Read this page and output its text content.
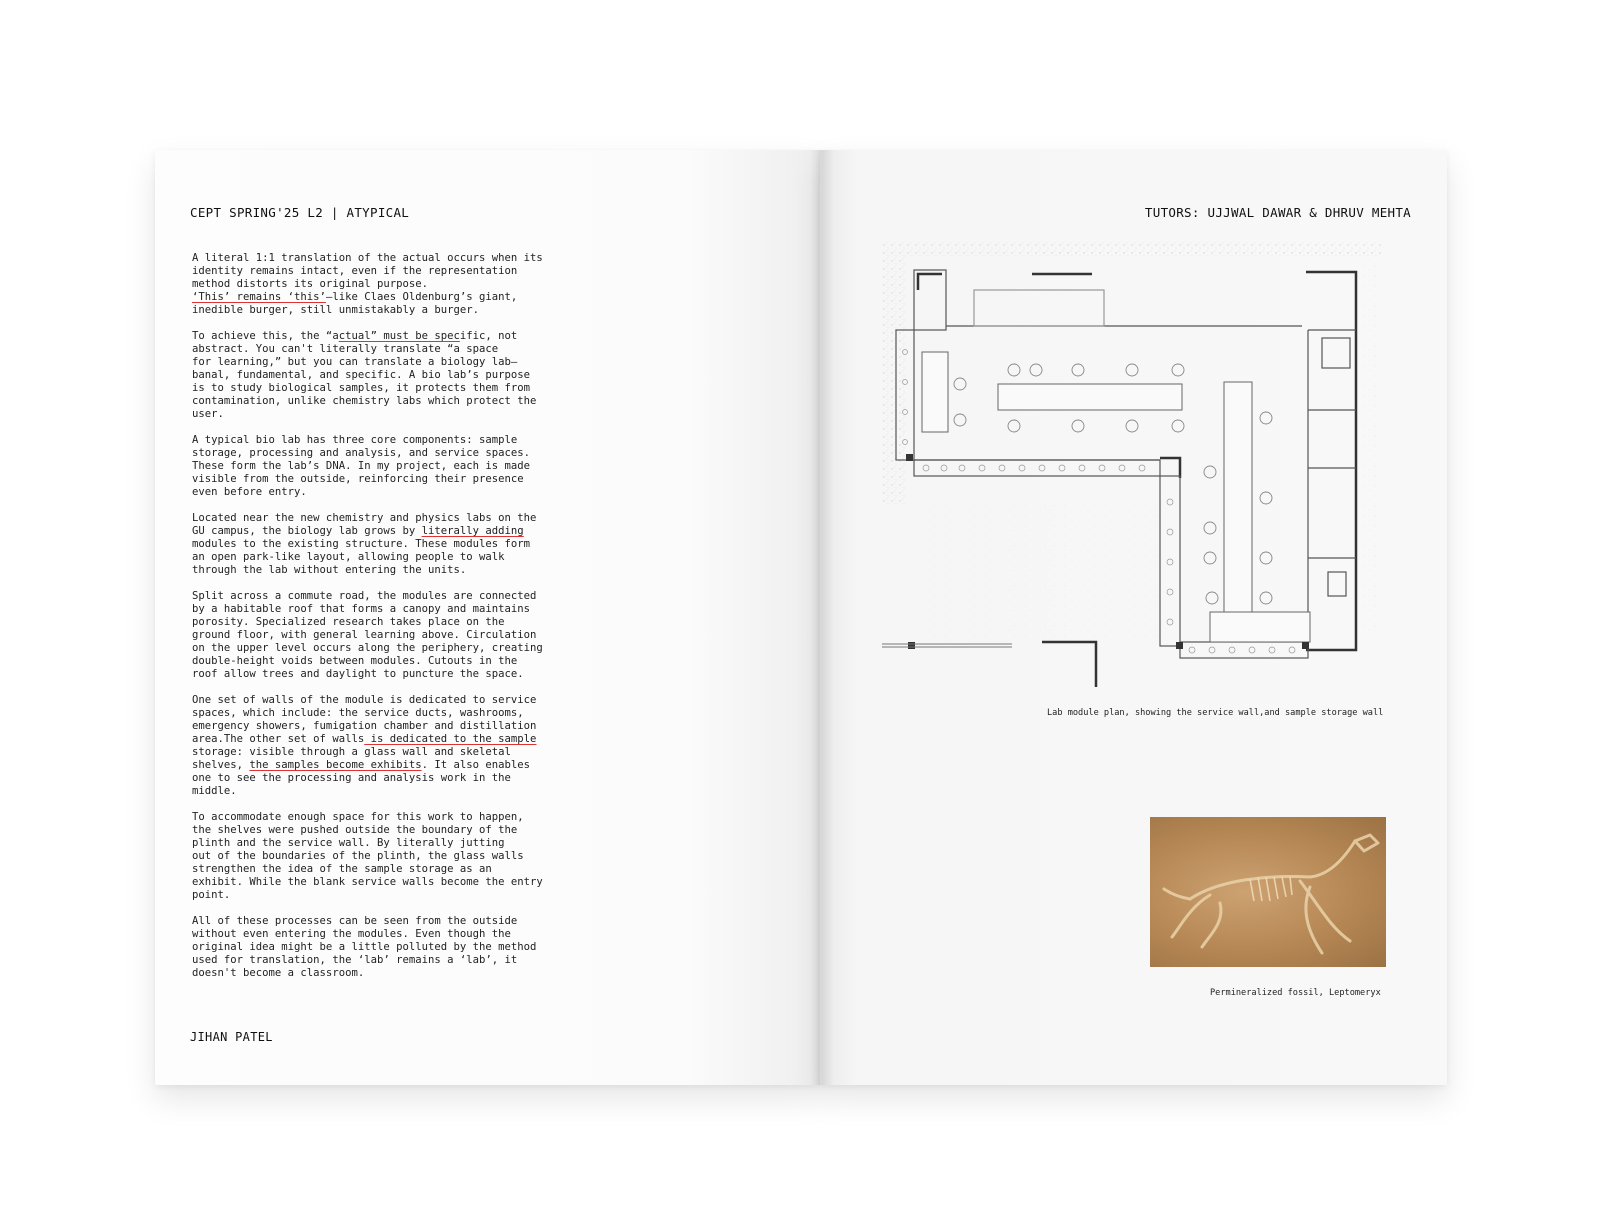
CEPT SPRING'25 L2 | ATYPICAL

A literal 1:1 translation of the actual occurs when its
identity remains intact, even if the representation
method distorts its original purpose.
‘This’ remains ‘this’—like Claes Oldenburg’s giant,
inedible burger, still unmistakably a burger.

To achieve this, the “actual” must be specific, not
abstract. You can't literally translate “a space
for learning,” but you can translate a biology lab—
banal, fundamental, and specific. A bio lab’s purpose
is to study biological samples, it protects them from
contamination, unlike chemistry labs which protect the
user.

A typical bio lab has three core components: sample
storage, processing and analysis, and service spaces.
These form the lab’s DNA. In my project, each is made
visible from the outside, reinforcing their presence
even before entry.

Located near the new chemistry and physics labs on the
GU campus, the biology lab grows by literally adding
modules to the existing structure. These modules form
an open park-like layout, allowing people to walk
through the lab without entering the units.

Split across a commute road, the modules are connected
by a habitable roof that forms a canopy and maintains
porosity. Specialized research takes place on the
ground floor, with general learning above. Circulation
on the upper level occurs along the periphery, creating
double-height voids between modules. Cutouts in the
roof allow trees and daylight to puncture the space.

One set of walls of the module is dedicated to service
spaces, which include: the service ducts, washrooms,
emergency showers, fumigation chamber and distillation
area.The other set of walls is dedicated to the sample
storage: visible through a glass wall and skeletal
shelves, the samples become exhibits. It also enables
one to see the processing and analysis work in the
middle.

To accommodate enough space for this work to happen,
the shelves were pushed outside the boundary of the
plinth and the service wall. By literally jutting
out of the boundaries of the plinth, the glass walls
strengthen the idea of the sample storage as an
exhibit. While the blank service walls become the entry
point.

All of these processes can be seen from the outside
without even entering the modules. Even though the
original idea might be a little polluted by the method
used for translation, the ‘lab’ remains a ‘lab’, it
doesn't become a classroom.

JIHAN PATEL
TUTORS: UJJWAL DAWAR & DHRUV MEHTA
Lab module plan, showing the service wall,and sample storage wall
Permineralized fossil, Leptomeryx
